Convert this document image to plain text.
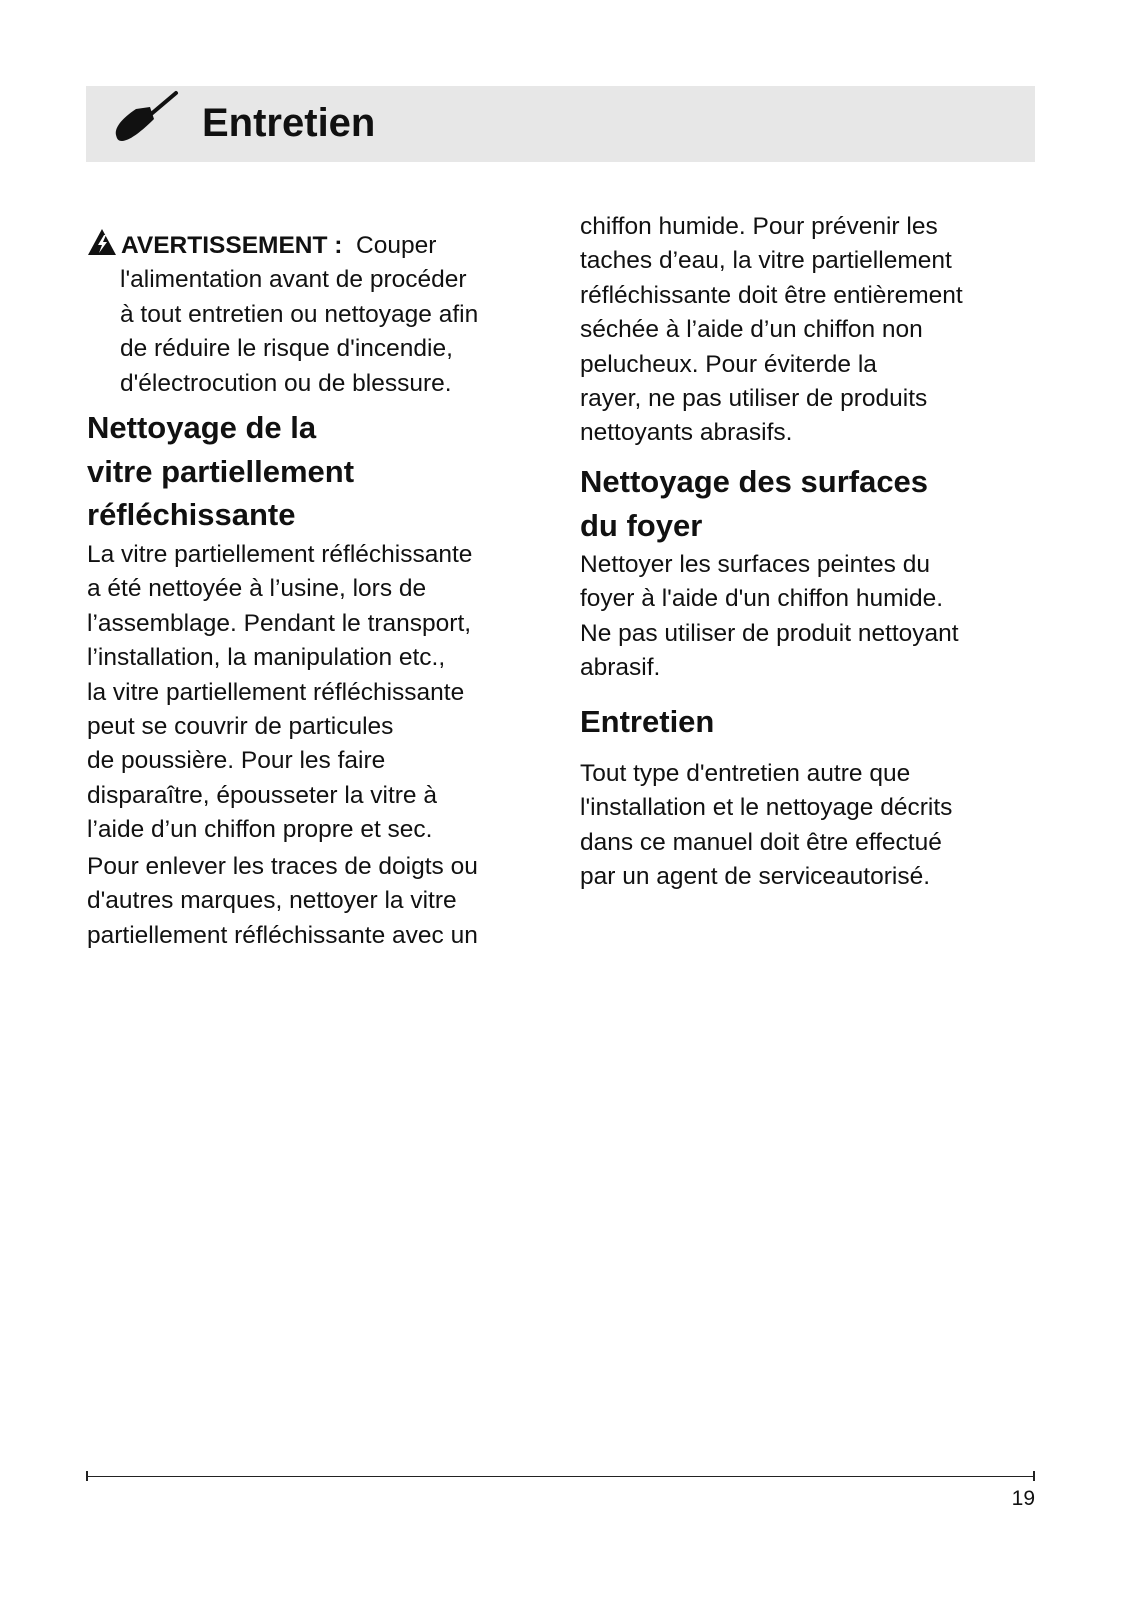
Entretien
AVERTISSEMENT : Couper
l'alimentation avant de procéder
à tout entretien ou nettoyage afin
de réduire le risque d'incendie,
d'électrocution ou de blessure.
Nettoyage de la
vitre partiellement
réfléchissante
La vitre partiellement réfléchissante
a été nettoyée à l’usine, lors de
l’assemblage. Pendant le transport,
l’installation, la manipulation etc.,
la vitre partiellement réfléchissante
peut se couvrir de particules
de poussière. Pour les faire
disparaître, épousseter la vitre à
l’aide d’un chiffon propre et sec.
Pour enlever les traces de doigts ou
d'autres marques, nettoyer la vitre
partiellement réfléchissante avec un
chiffon humide. Pour prévenir les
taches d’eau, la vitre partiellement
réfléchissante doit être entièrement
séchée à l’aide d’un chiffon non
pelucheux. Pour éviterde la
rayer, ne pas utiliser de produits
nettoyants abrasifs.
Nettoyage des surfaces
du foyer
Nettoyer les surfaces peintes du
foyer à l'aide d'un chiffon humide.
Ne pas utiliser de produit nettoyant
abrasif.
Entretien
Tout type d'entretien autre que
l'installation et le nettoyage décrits
dans ce manuel doit être effectué
par un agent de serviceautorisé.
19
